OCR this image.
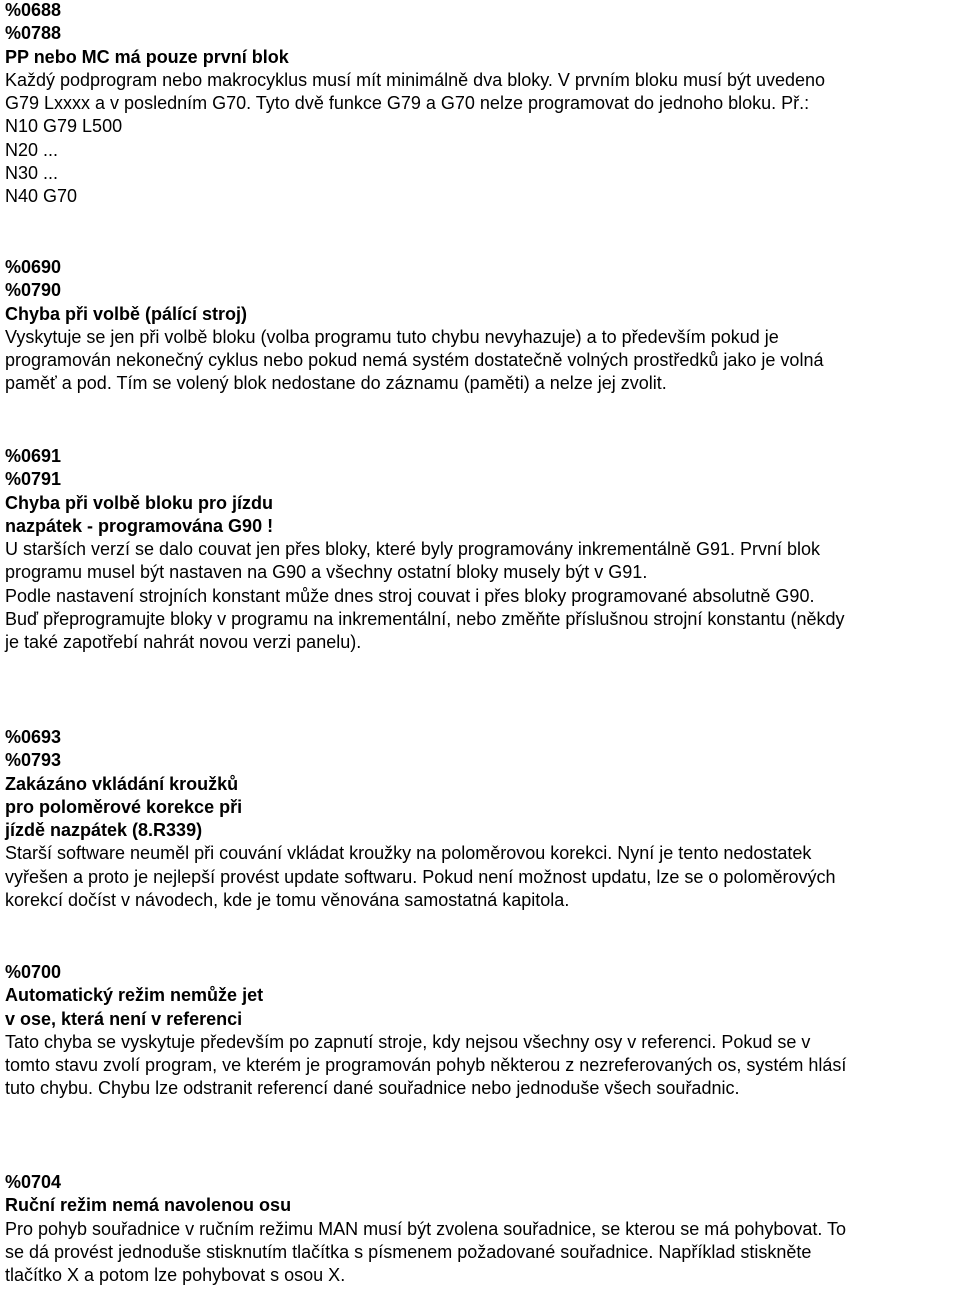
%0688
%0788
PP nebo MC má pouze první blok
Každý podprogram nebo makrocyklus musí mít minimálně dva bloky. V prvním bloku musí být uvedeno
G79 Lxxxx a v posledním G70. Tyto dvě funkce G79 a G70 nelze programovat do jednoho bloku. Př.:
N10 G79 L500
N20 ...
N30 ...
N40 G70
%0690
%0790
Chyba při volbě (pálící stroj)
Vyskytuje se jen při volbě bloku (volba programu tuto chybu nevyhazuje) a to především pokud je
programován nekonečný cyklus nebo pokud nemá systém dostatečně volných prostředků jako je volná
paměť a pod. Tím se volený blok nedostane do záznamu (paměti) a nelze jej zvolit.
%0691
%0791
Chyba při volbě bloku pro jízdu
nazpátek - programována G90 !
U starších verzí se dalo couvat jen přes bloky, které byly programovány inkrementálně G91. První blok
programu musel být nastaven na G90 a všechny ostatní bloky musely být v G91.
Podle nastavení strojních konstant může dnes stroj couvat i přes bloky programované absolutně G90.
Buď přeprogramujte bloky v programu na inkrementální, nebo změňte příslušnou strojní konstantu (někdy
je také zapotřebí nahrát novou verzi panelu).
%0693
%0793
Zakázáno vkládání kroužků
pro poloměrové korekce při
jízdě nazpátek (8.R339)
Starší software neuměl při couvání vkládat kroužky na poloměrovou korekci. Nyní je tento nedostatek
vyřešen a proto je nejlepší provést update softwaru. Pokud není možnost updatu, lze se o poloměrových
korekcí dočíst v návodech, kde je tomu věnována samostatná kapitola.
%0700
Automatický režim nemůže jet
v ose, která není v referenci
Tato chyba se vyskytuje především po zapnutí stroje, kdy nejsou všechny osy v referenci. Pokud se v
tomto stavu zvolí program, ve kterém je programován pohyb některou z nezreferovaných os, systém hlásí
tuto chybu. Chybu lze odstranit referencí dané souřadnice nebo jednoduše všech souřadnic.
%0704
Ruční režim nemá navolenou osu
Pro pohyb souřadnice v ručním režimu MAN musí být zvolena souřadnice, se kterou se má pohybovat. To
se dá provést jednoduše stisknutím tlačítka s písmenem požadované souřadnice. Například stiskněte
tlačítko X a potom lze pohybovat s osou X.
